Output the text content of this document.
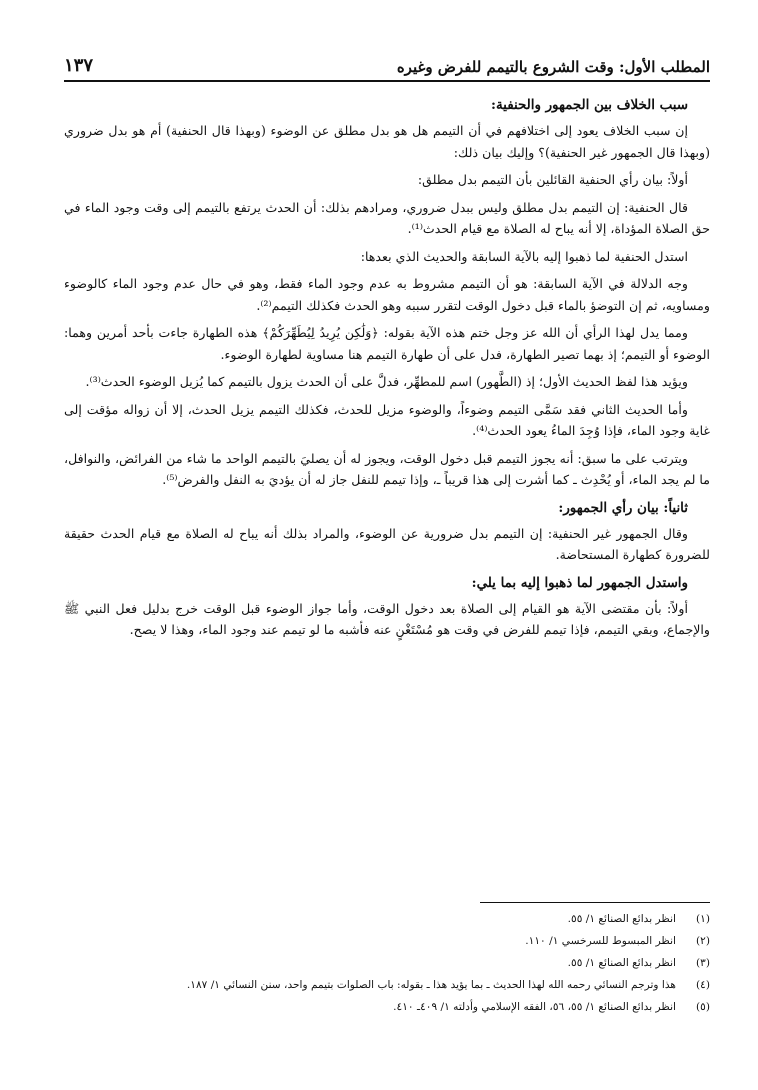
المطلب الأول: وقت الشروع بالتيمم للفرض وغيره
١٣٧
سبب الخلاف بين الجمهور والحنفية:

إن سبب الخلاف يعود إلى اختلافهم في أن التيمم هل هو بدل مطلق عن الوضوء (وبهذا قال الحنفية) أم هو بدل ضروري (وبهذا قال الجمهور غير الحنفية)؟ وإليك بيان ذلك:

أولاً: بيان رأي الحنفية القائلين بأن التيمم بدل مطلق:

قال الحنفية: إن التيمم بدل مطلق وليس ببدل ضروري، ومرادهم بذلك: أن الحدث يرتفع بالتيمم إلى وقت وجود الماء في حق الصلاة المؤداة، إلا أنه يباح له الصلاة مع قيام الحدث⁽¹⁾.

استدل الحنفية لما ذهبوا إليه بالآية السابقة والحديث الذي بعدها:

وجه الدلالة في الآية السابقة: هو أن التيمم مشروط به عدم وجود الماء فقط، وهو في حال عدم وجود الماء كالوضوء ومساويه، ثم إن التوضؤ بالماء قبل دخول الوقت لتقرر سببه وهو الحدث فكذلك التيمم⁽²⁾.

ومما يدل لهذا الرأي أن الله عز وجل ختم هذه الآية بقوله: ﴿وَلَٰكِن يُرِيدُ لِيُطَهِّرَكُمْ﴾ هذه الطهارة جاءت بأحد أمرين وهما: الوضوء أو التيمم؛ إذ بهما تصير الطهارة، فدل على أن طهارة التيمم هنا مساوية لطهارة الوضوء.

ويؤيد هذا لفظ الحديث الأول؛ إذ (الطَّهور) اسم للمطهِّر، فدلَّ على أن الحدث يزول بالتيمم كما يُزيل الوضوء الحدث⁽³⁾.

وأما الحديث الثاني فقد سَمَّى التيمم وضوءاً، والوضوء مزيل للحدث، فكذلك التيمم يزيل الحدث، إلا أن زواله مؤقت إلى غاية وجود الماء، فإذا وُجِدَ الماءُ يعود الحدث⁽⁴⁾.

ويترتب على ما سبق: أنه يجوز التيمم قبل دخول الوقت، ويجوز له أن يصليَ بالتيمم الواحد ما شاء من الفرائض، والنوافل، ما لم يجد الماء، أو يُحْدِث ـ كما أشرت إلى هذا قريباً ـ، وإذا تيمم للنفل جاز له أن يؤديَ به النفل والفرض⁽⁵⁾.

ثانياً: بيان رأي الجمهور:

وقال الجمهور غير الحنفية: إن التيمم بدل ضرورية عن الوضوء، والمراد بذلك أنه يباح له الصلاة مع قيام الحدث حقيقة للضرورة كطهارة المستحاضة.

واستدل الجمهور لما ذهبوا إليه بما يلي:

أولاً: بأن مقتضى الآية هو القيام إلى الصلاة بعد دخول الوقت، وأما جواز الوضوء قبل الوقت خرج بدليل فعل النبي ﷺ والإجماع، وبقي التيمم، فإذا تيمم للفرض في وقت هو مُسْتَغْنٍ عنه فأشبه ما لو تيمم عند وجود الماء، وهذا لا يصح.

(١)
انظر بدائع الصنائع ١/ ٥٥.
(٢)
انظر المبسوط للسرخسي ١/ ١١٠.
(٣)
انظر بدائع الصنائع ١/ ٥٥.
(٤)
هذا وترجم النسائي رحمه الله لهذا الحديث ـ بما يؤيد هذا ـ بقوله: باب الصلوات بتيمم واحد، سنن النسائي ١/ ١٨٧.
(٥)
انظر بدائع الصنائع ١/ ٥٥، ٥٦، الفقه الإسلامي وأدلته ١/ ٤٠٩ـ ٤١٠.
